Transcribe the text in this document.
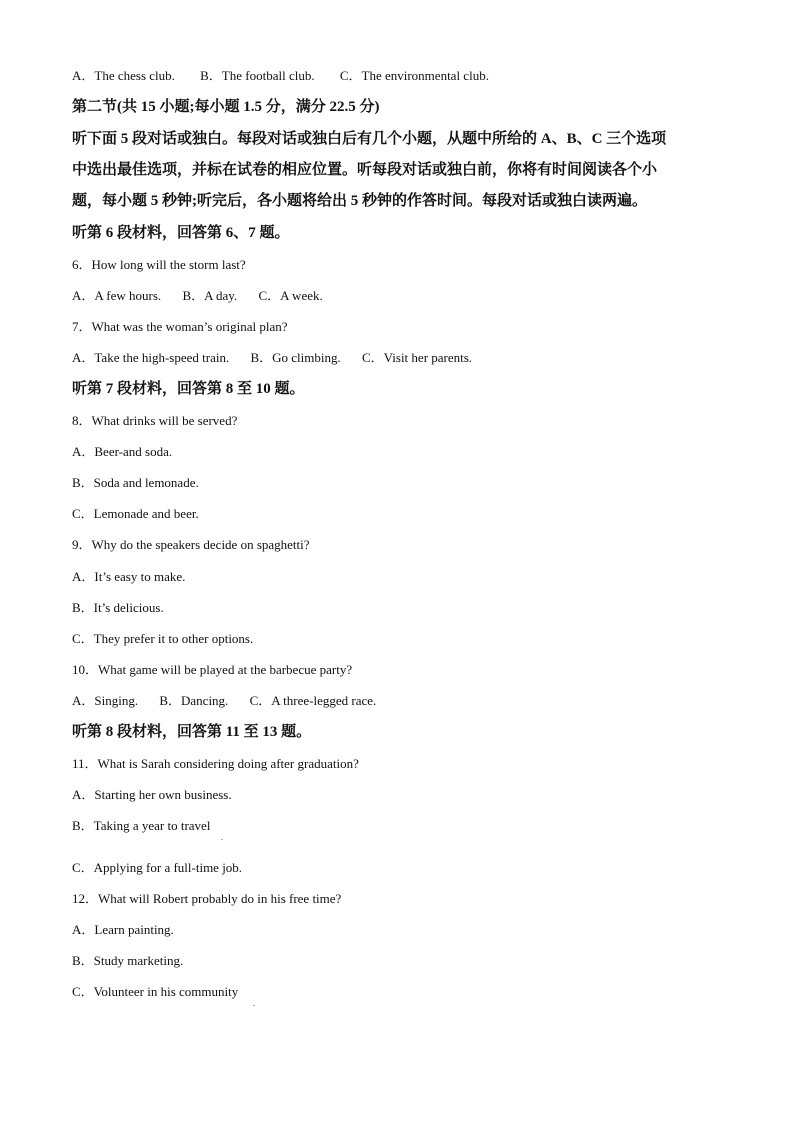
A．The chess club. B．The football club. C．The environmental club.
第二节(共 15 小题;每小题 1.5 分，满分 22.5 分)
听下面 5 段对话或独白。每段对话或独白后有几个小题，从题中所给的 A、B、C 三个选项
中选出最佳选项，并标在试卷的相应位置。听每段对话或独白前，你将有时间阅读各个小
题，每小题 5 秒钟;听完后，各小题将给出 5 秒钟的作答时间。每段对话或独白读两遍。
听第 6 段材料，回答第 6、7 题。
6．How long will the storm last?
A．A few hours. B．A day. C．A week.
7．What was the woman’s original plan?
A．Take the high-speed train. B．Go climbing. C．Visit her parents.
听第 7 段材料，回答第 8 至 10 题。
8．What drinks will be served?
A．Beer-and soda.
B．Soda and lemonade.
C．Lemonade and beer.
9．Why do the speakers decide on spaghetti?
A．It’s easy to make.
B．It’s delicious.
C．They prefer it to other options.
10．What game will be played at the barbecue party?
A．Singing. B．Dancing. C．A three-legged race.
听第 8 段材料，回答第 11 至 13 题。
11．What is Sarah considering doing after graduation?
A．Starting her own business.
B．Taking a year to travel
.
C．Applying for a full-time job.
12．What will Robert probably do in his free time?
A．Learn painting.
B．Study marketing.
C．Volunteer in his community
.
